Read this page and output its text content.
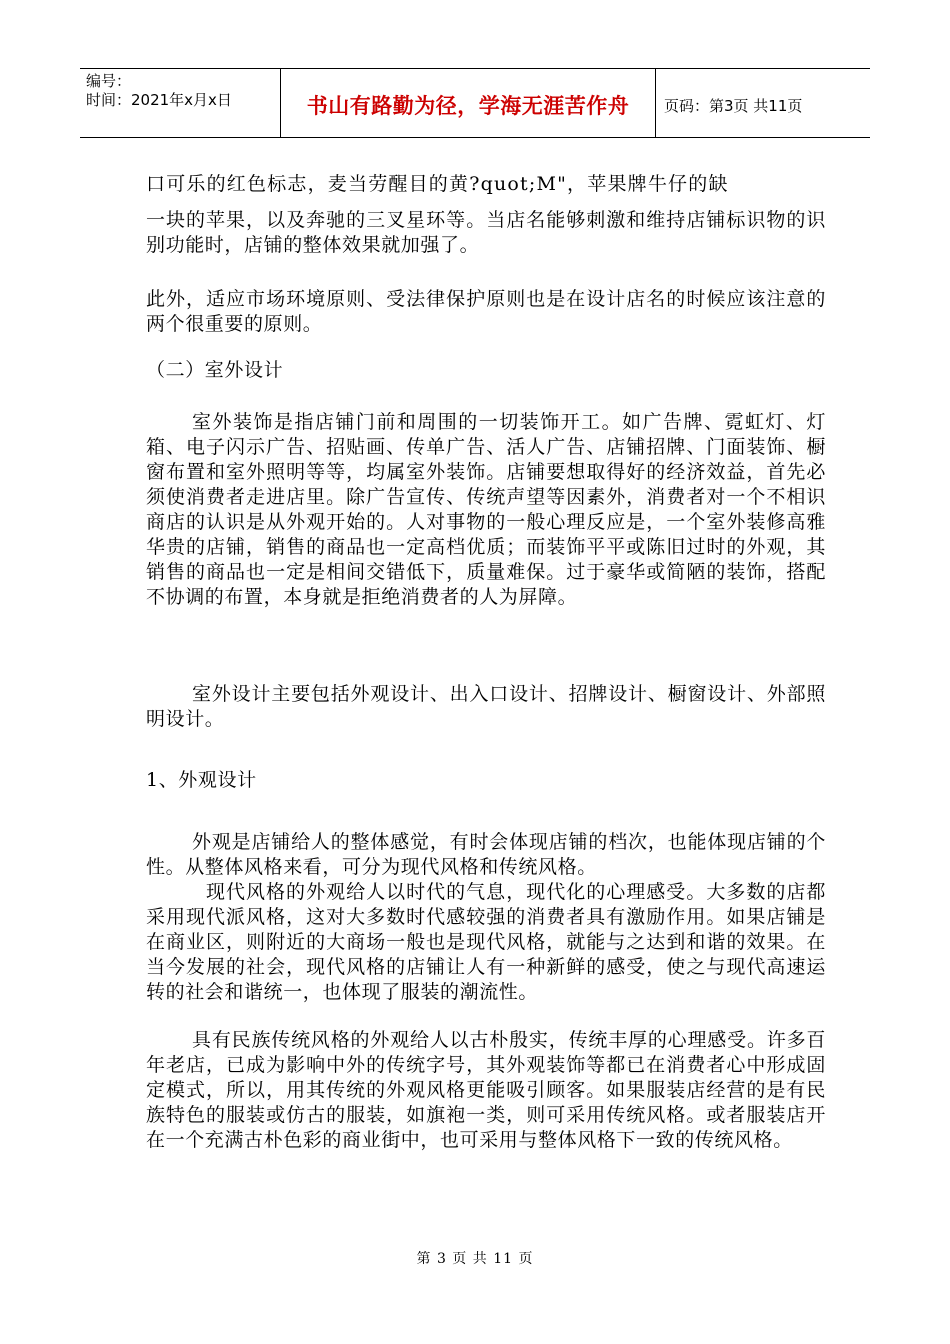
编号：
时间：2021年x月x日	书山有路勤为径，学海无涯苦作舟	页码：第3页 共11页
口可乐的红色标志，麦当劳醒目的黄?quot;M"，苹果牌牛仔的缺
一块的苹果，以及奔驰的三叉星环等。当店名能够刺激和维持店铺标识物的识别功能时，店铺的整体效果就加强了。
此外，适应市场环境原则、受法律保护原则也是在设计店名的时候应该注意的两个很重要的原则。
（二）室外设计
室外装饰是指店铺门前和周围的一切装饰开工。如广告牌、霓虹灯、灯箱、电子闪示广告、招贴画、传单广告、活人广告、店铺招牌、门面装饰、橱窗布置和室外照明等等，均属室外装饰。店铺要想取得好的经济效益，首先必须使消费者走进店里。除广告宣传、传统声望等因素外，消费者对一个不相识商店的认识是从外观开始的。人对事物的一般心理反应是，一个室外装修高雅华贵的店铺，销售的商品也一定高档优质；而装饰平平或陈旧过时的外观，其销售的商品也一定是相间交错低下，质量难保。过于豪华或简陋的装饰，搭配不协调的布置，本身就是拒绝消费者的人为屏障。
室外设计主要包括外观设计、出入口设计、招牌设计、橱窗设计、外部照明设计。
1、外观设计
外观是店铺给人的整体感觉，有时会体现店铺的档次，也能体现店铺的个性。从整体风格来看，可分为现代风格和传统风格。
现代风格的外观给人以时代的气息，现代化的心理感受。大多数的店都采用现代派风格，这对大多数时代感较强的消费者具有激励作用。如果店铺是在商业区，则附近的大商场一般也是现代风格，就能与之达到和谐的效果。在当今发展的社会，现代风格的店铺让人有一种新鲜的感受，使之与现代高速运转的社会和谐统一，也体现了服装的潮流性。
具有民族传统风格的外观给人以古朴殷实，传统丰厚的心理感受。许多百年老店，已成为影响中外的传统字号，其外观装饰等都已在消费者心中形成固定模式，所以，用其传统的外观风格更能吸引顾客。如果服装店经营的是有民族特色的服装或仿古的服装，如旗袍一类，则可采用传统风格。或者服装店开在一个充满古朴色彩的商业街中，也可采用与整体风格下一致的传统风格。
第 3 页 共 11 页
